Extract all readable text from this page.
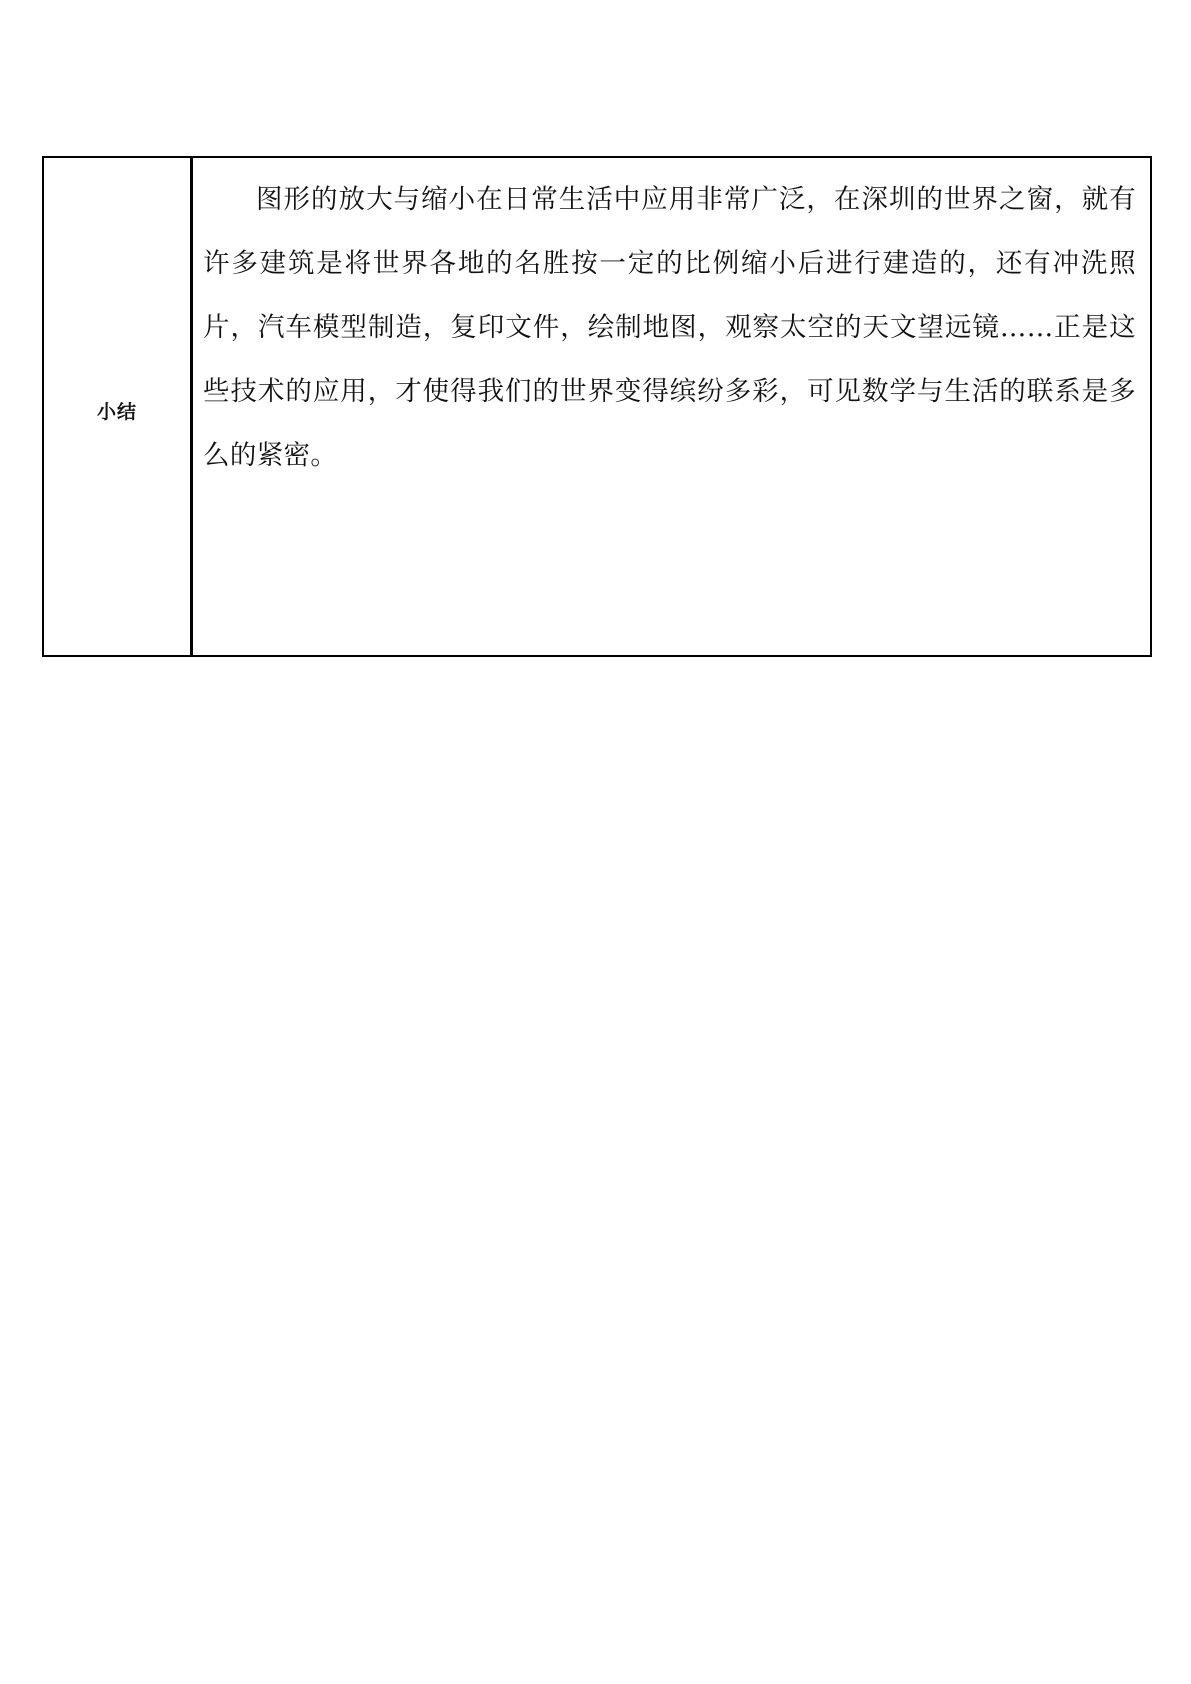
小结

图形的放大与缩小在日常生活中应用非常广泛，在深圳的世界之窗，就有许多建筑是将世界各地的名胜按一定的比例缩小后进行建造的，还有冲洗照片，汽车模型制造，复印文件，绘制地图，观察太空的天文望远镜……正是这些技术的应用，才使得我们的世界变得缤纷多彩，可见数学与生活的联系是多么的紧密。
